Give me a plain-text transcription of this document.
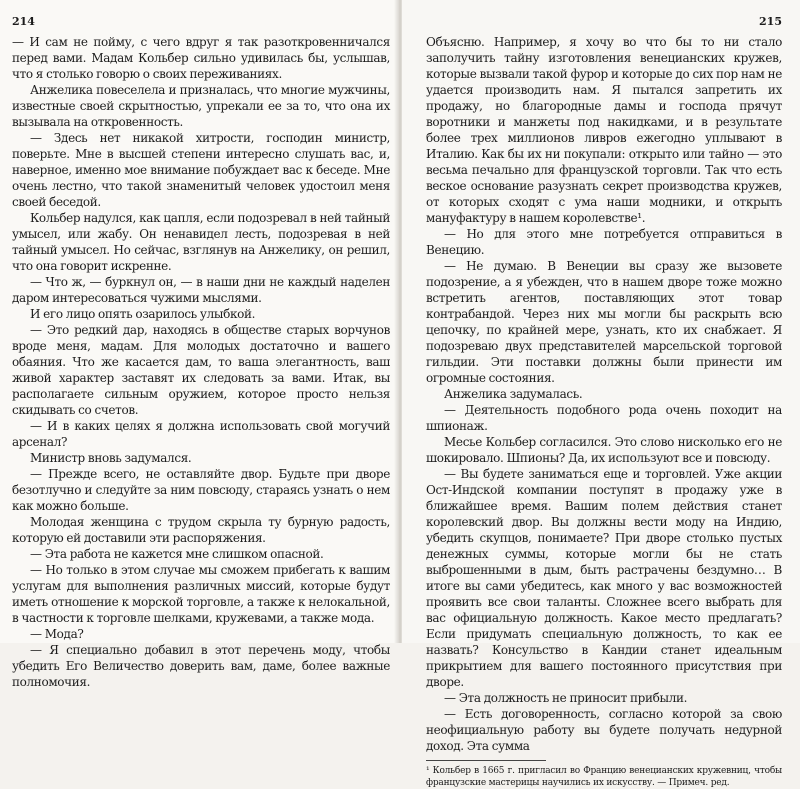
214

— И сам не пойму, с чего вдруг я так разоткровенничался перед вами. Мадам Кольбер сильно удивилась бы, услышав, что я столько говорю о своих переживаниях.

Анжелика повеселела и призналась, что многие мужчины, известные своей скрытностью, упрекали ее за то, что она их вызывала на откровенность.

— Здесь нет никакой хитрости, господин министр, поверьте. Мне в высшей степени интересно слушать вас, и, наверное, именно мое внимание побуждает вас к беседе. Мне очень лестно, что такой знаменитый человек удостоил меня своей беседой.

Кольбер надулся, как цапля, если подозревал в ней тайный умысел, или жабу. Он ненавидел лесть, подозревая в ней тайный умысел. Но сейчас, взглянув на Анжелику, он решил, что она говорит искренне.

— Что ж, — буркнул он, — в наши дни не каждый наделен даром интересоваться чужими мыслями.

И его лицо опять озарилось улыбкой.

— Это редкий дар, находясь в обществе старых ворчунов вроде меня, мадам. Для молодых достаточно и вашего обаяния. Что же касается дам, то ваша элегантность, ваш живой характер заставят их следовать за вами. Итак, вы располагаете сильным оружием, которое просто нельзя скидывать со счетов.

— И в каких целях я должна использовать свой могучий арсенал?

Министр вновь задумался.

— Прежде всего, не оставляйте двор. Будьте при дворе безотлучно и следуйте за ним повсюду, стараясь узнать о нем как можно больше.

Молодая женщина с трудом скрыла ту бурную радость, которую ей доставили эти распоряжения.

— Эта работа не кажется мне слишком опасной.

— Но только в этом случае мы сможем прибегать к вашим услугам для выполнения различных миссий, которые будут иметь отношение к морской торговле, а также к нелокальной, в частности к торговле шелками, кружевами, а также мода.

— Мода?

— Я специально добавил в этот перечень моду, чтобы убедить Его Величество доверить вам, даме, более важные полномочия.

215

Объясню. Например, я хочу во что бы то ни стало заполучить тайну изготовления венецианских кружев, которые вызвали такой фурор и которые до сих пор нам не удается производить нам. Я пытался запретить их продажу, но благородные дамы и господа прячут воротники и манжеты под накидками, и в результате более трех миллионов ливров ежегодно уплывают в Италию. Как бы их ни покупали: открыто или тайно — это весьма печально для французской торговли. Так что есть веское основание разузнать секрет производства кружев, от которых сходят с ума наши модники, и открыть мануфактуру в нашем королевстве¹.

— Но для этого мне потребуется отправиться в Венецию.

— Не думаю. В Венеции вы сразу же вызовете подозрение, а я убежден, что в нашем дворе тоже можно встретить агентов, поставляющих этот товар контрабандой. Через них мы могли бы раскрыть всю цепочку, по крайней мере, узнать, кто их снабжает. Я подозреваю двух представителей марсельской торговой гильдии. Эти поставки должны были принести им огромные состояния.

Анжелика задумалась.

— Деятельность подобного рода очень походит на шпионаж.

Месье Кольбер согласился. Это слово нисколько его не шокировало. Шпионы? Да, их используют все и повсюду.

— Вы будете заниматься еще и торговлей. Уже акции Ост-Индской компании поступят в продажу уже в ближайшее время. Вашим полем действия станет королевский двор. Вы должны вести моду на Индию, убедить скупцов, понимаете? При дворе столько пустых денежных суммы, которые могли бы не стать выброшенными в дым, быть растрачены бездумно… В итоге вы сами убедитесь, как много у вас возможностей проявить все свои таланты. Сложнее всего выбрать для вас официальную должность. Какое место предлагать? Если придумать специальную должность, то как ее назвать? Консульство в Кандии станет идеальным прикрытием для вашего постоянного присутствия при дворе.

— Эта должность не приносит прибыли.

— Есть договоренность, согласно которой за свою неофициальную работу вы будете получать недурной доход. Эта сумма

¹ Кольбер в 1665 г. пригласил во Францию венецианских кружевниц, чтобы французские мастерицы научились их искусству. — Примеч. ред.
